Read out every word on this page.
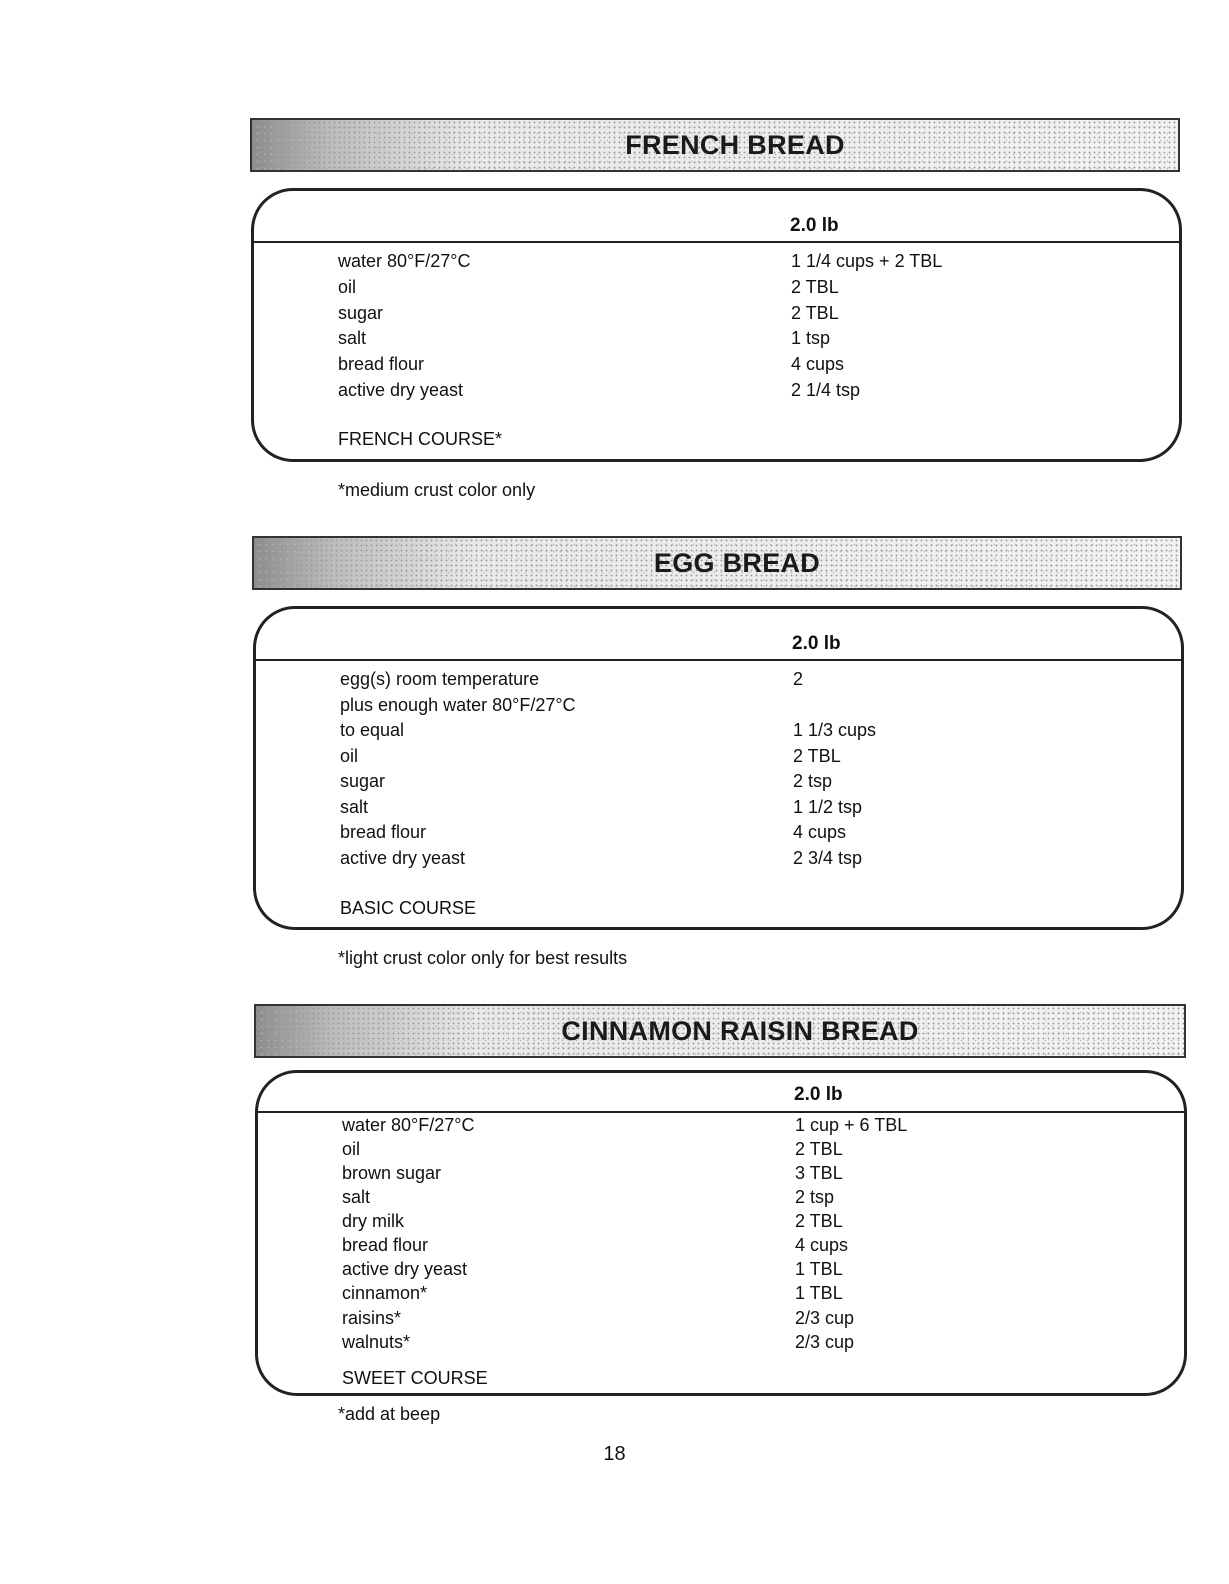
FRENCH BREAD
2.0 lb
water 80°F/27°C	1 1/4 cups + 2 TBL
oil	2 TBL
sugar	2 TBL
salt	1 tsp
bread flour	4 cups
active dry yeast	2 1/4 tsp
FRENCH COURSE*
*medium crust color only
EGG BREAD
2.0 lb
egg(s) room temperature	2
plus enough water 80°F/27°C
to equal	1 1/3 cups
oil	2 TBL
sugar	2 tsp
salt	1 1/2 tsp
bread flour	4 cups
active dry yeast	2 3/4 tsp
BASIC COURSE
*light crust color only for best results
CINNAMON RAISIN BREAD
2.0 lb
water 80°F/27°C	1 cup + 6 TBL
oil	2 TBL
brown sugar	3 TBL
salt	2 tsp
dry milk	2 TBL
bread flour	4 cups
active dry yeast	1 TBL
cinnamon*	1 TBL
raisins*	2/3 cup
walnuts*	2/3 cup
SWEET COURSE
*add at beep
18
